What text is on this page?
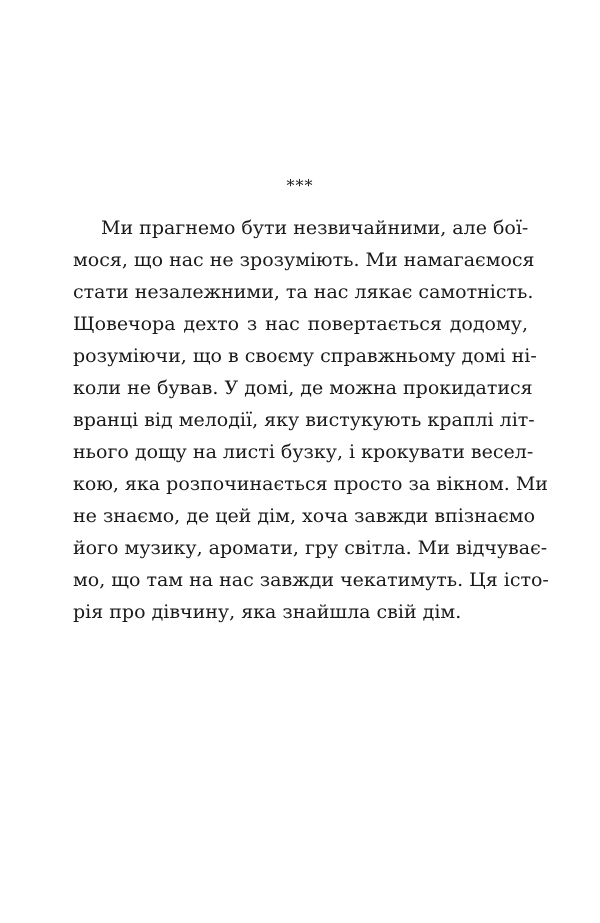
***
Ми прагнемо бути незвичайними, але бої-
мося, що нас не зрозуміють. Ми намагаємося
стати незалежними, та нас лякає самотність.
Щовечора дехто з нас повертається додому,
розуміючи, що в своєму справжньому домі ні-
коли не бував. У домі, де можна прокидатися
вранці від мелодії, яку вистукують краплі літ-
нього дощу на листі бузку, і крокувати весел-
кою, яка розпочинається просто за вікном. Ми
не знаємо, де цей дім, хоча завжди впізнаємо
його музику, аромати, гру світла. Ми відчуває-
мо, що там на нас завжди чекатимуть. Ця істо-
рія про дівчину, яка знайшла свій дім.
